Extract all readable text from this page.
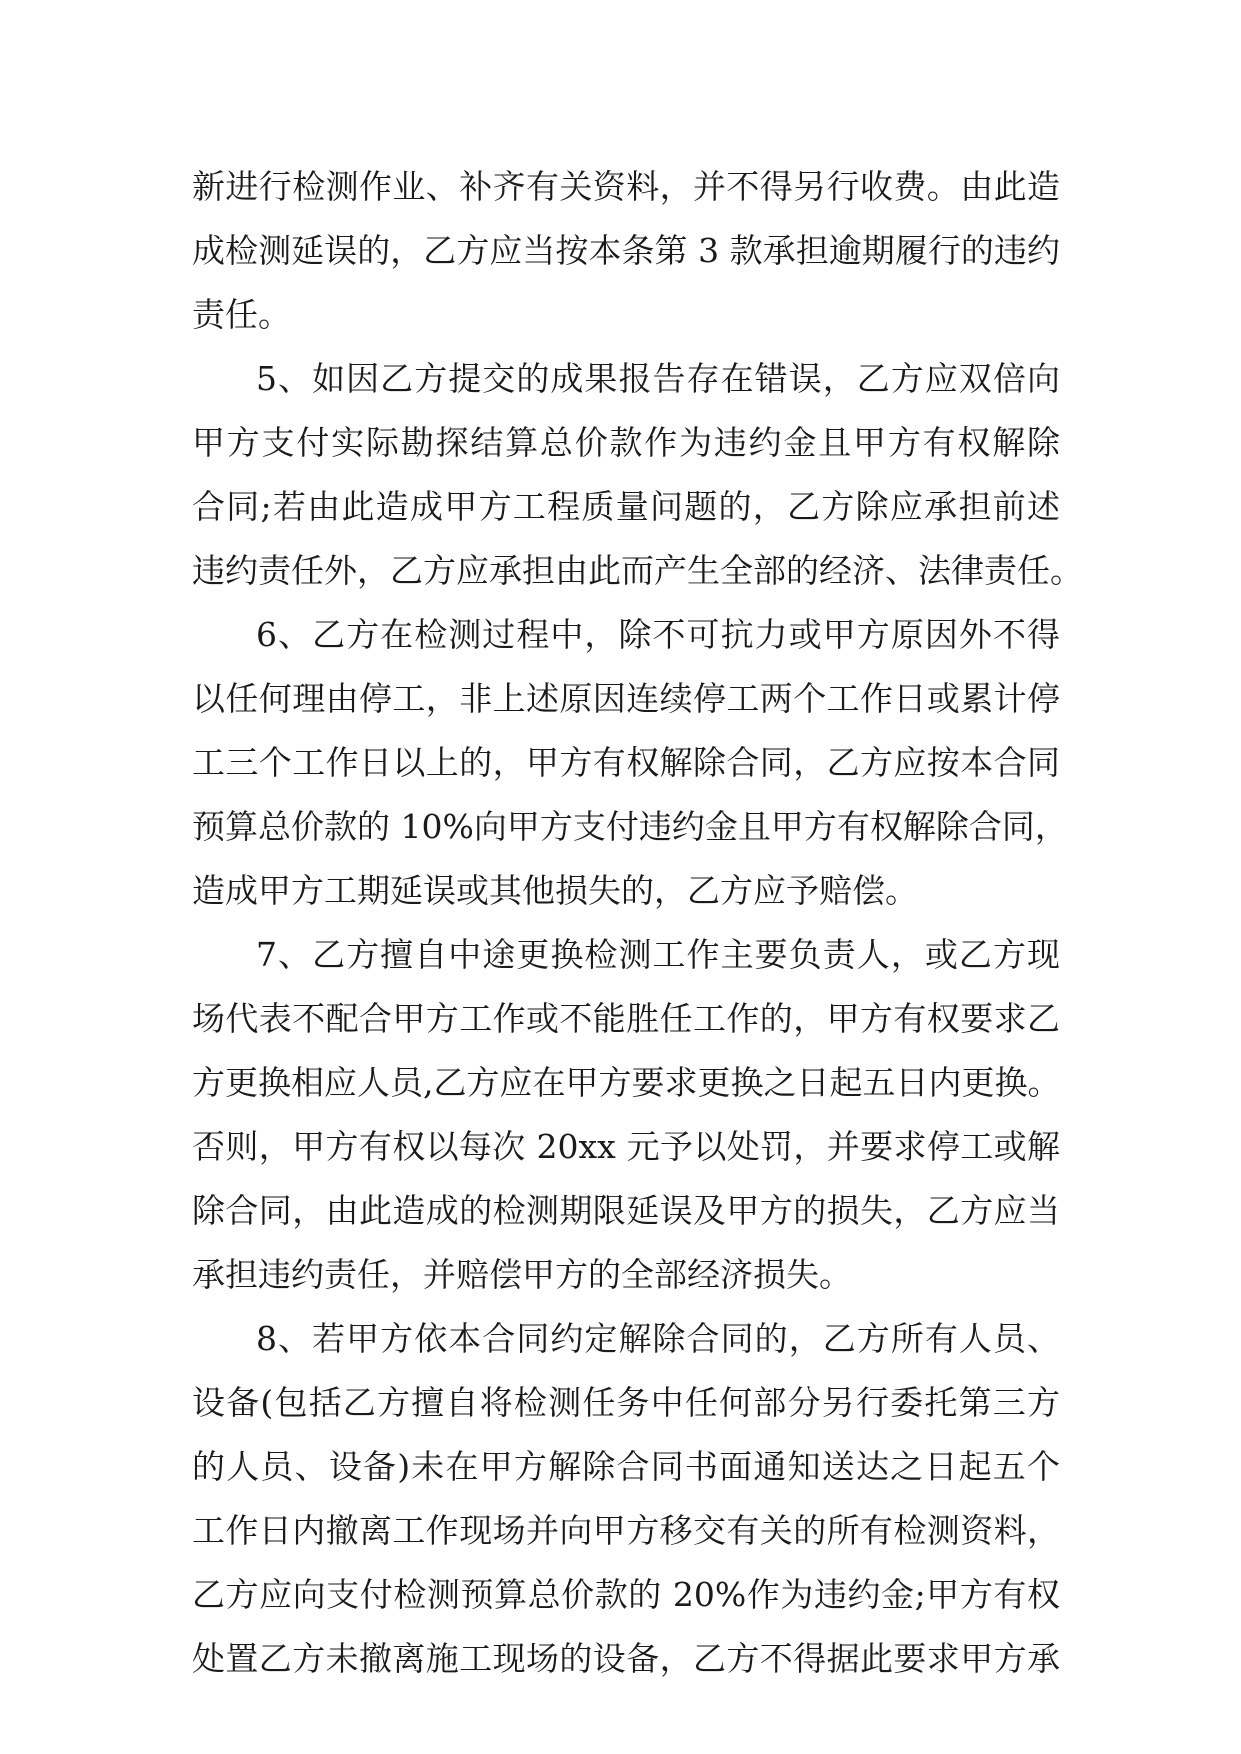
新进行检测作业、补齐有关资料，并不得另行收费。由此造
成检测延误的，乙方应当按本条第 3 款承担逾期履行的违约
责任。
5、如因乙方提交的成果报告存在错误，乙方应双倍向
甲方支付实际勘探结算总价款作为违约金且甲方有权解除
合同;若由此造成甲方工程质量问题的，乙方除应承担前述
违约责任外，乙方应承担由此而产生全部的经济、法律责任。
6、乙方在检测过程中，除不可抗力或甲方原因外不得
以任何理由停工，非上述原因连续停工两个工作日或累计停
工三个工作日以上的，甲方有权解除合同，乙方应按本合同
预算总价款的 10%向甲方支付违约金且甲方有权解除合同，
造成甲方工期延误或其他损失的，乙方应予赔偿。
7、乙方擅自中途更换检测工作主要负责人，或乙方现
场代表不配合甲方工作或不能胜任工作的，甲方有权要求乙
方更换相应人员,乙方应在甲方要求更换之日起五日内更换。
否则，甲方有权以每次 20xx 元予以处罚，并要求停工或解
除合同，由此造成的检测期限延误及甲方的损失，乙方应当
承担违约责任，并赔偿甲方的全部经济损失。
8、若甲方依本合同约定解除合同的，乙方所有人员、
设备(包括乙方擅自将检测任务中任何部分另行委托第三方
的人员、设备)未在甲方解除合同书面通知送达之日起五个
工作日内撤离工作现场并向甲方移交有关的所有检测资料，
乙方应向支付检测预算总价款的 20%作为违约金;甲方有权
处置乙方未撤离施工现场的设备，乙方不得据此要求甲方承
